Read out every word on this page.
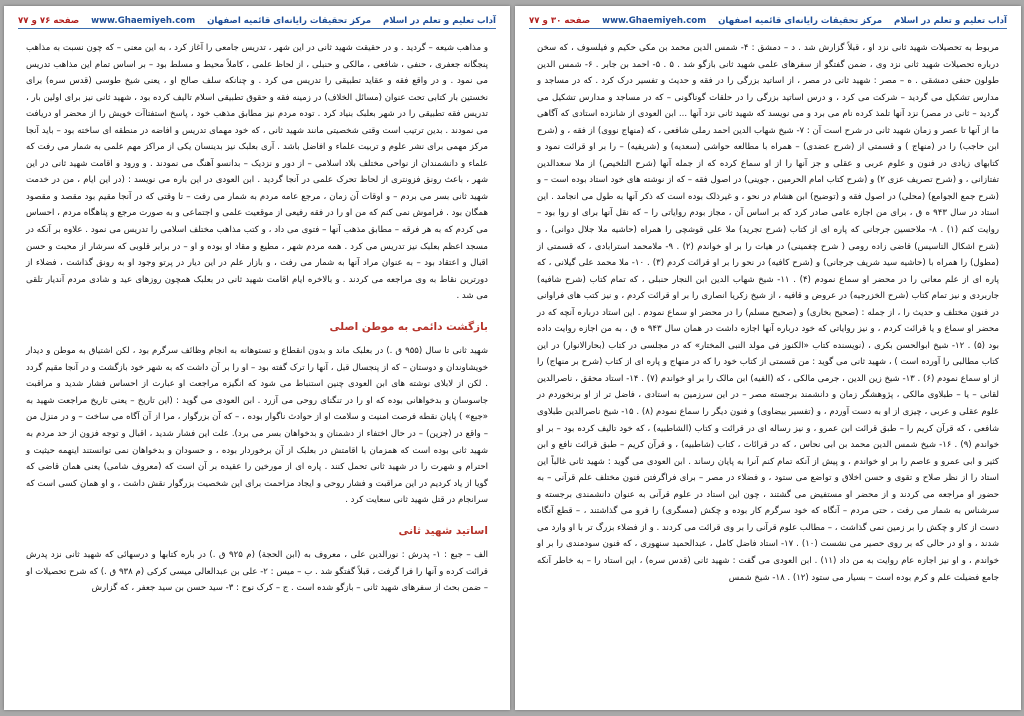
صفحه ۷۶ و ۷۷ www.Ghaemiyeh.com مرکز تحقیقات رایانه‌ای قائمیه اصفهان آداب تعلیم و تعلم در اسلام

و مذاهب شیعه – گردید . و در حقیقت شهید ثانی در این شهر ، تدریس جامعی را آغاز کرد ، به این معنی – که چون نسبت به مذاهب پنجگانه جعفری ، حنفی ، شافعی ، مالکی و حنبلی ، از لحاظ علمی ، کاملاً محیط و مسلط بود – بر اساس تمام این مذاهب تدریس می نمود . و در واقع فقه و عقاید تطبیقی را تدریس می کرد . و چنانکه سلف صالح او ، یعنی شیخ طوسی (قدس سره) برای نخستین بار کتابی تحت عنوان (مسائل الخلاف) در زمینه فقه و حقوق تطبیقی اسلام تالیف کرده بود ، شهید ثانی نیز برای اولین بار ، تدریس فقه تطبیقی را در شهر بعلبک بنیاد کرد . توده مردم نیز مطابق مذهب خود ، پاسخ استفتاآت خویش را از محضر او دریافت می نمودند . بدین ترتیب است وقتی شخصیتی مانند شهید ثانی ، که خود مهمای تدریس و افاضه در منطقه ای ساخته بود – باید آنجا مرکز مهمی برای نشر علوم و تربیت علماء و افاضل باشد . آری بعلبک نیز بدینسان یکی از مراکز مهم علمی به شمار می رفت که علماء و دانشمندان از نواحی مختلف بلاد اسلامی – از دور و نزدیک – بدانسو آهنگ می نمودند . و ورود و اقامت شهید ثانی در این شهر ، باعث رونق فزونتری از لحاظ تحرک علمی در آنجا گردید . ابن العودی در این باره می نویسد : (در این ایام ، من در خدمت شهید ثانی بسر می بردم – و اوقات آن زمان ، مرجع عامه مردم به شمار می رفت – تا وقتی که در آنجا مقیم بود مقصد و مقصود همگان بود . فراموش نمی کنم که من او را در فقه رفیعی از موقعیت علمی و اجتماعی و به صورت مرجع و پناهگاه مردم ، احساس می کردم که به هر فرقه – مطابق مذهب آنها – فتوی می داد ، و کتب مذاهب مختلف اسلامی را تدریس می نمود . علاوه بر آنکه در مسجد اعظم بعلبک نیز تدریس می کرد . همه مردم شهر ، مطیع و مقاد او بوده و او – در برابر قلوبی که سرشار از محبت و حسن اقبال و اعتقاد بود – به عنوان مراد آنها به شمار می رفت ، و بازار علم در این دیار در پرتو وجود او به رونق گذاشت ، فضلاء از دورترین نقاط به وی مراجعه می کردند . و بالاخره ایام اقامت شهید ثانی در بعلبک همچون روزهای عید و شادی مردم آندیار تلقی می شد .

بازگشت دائمی به موطن اصلی

شهید ثانی تا سال (۹۵۵ ق .) در بعلبک ماند و بدون انقطاع و تستوهانه به انجام وظائف سرگرم بود ، لکن اشتیاق به موطن و دیدار خویشاوندان و دوستان – که از پنجسال قبل ، آنها را ترک گفته بود – او را بر آن داشت که به شهر خود بازگشت و در آنجا مقیم گردد . لکن از لابلای نوشته های ابن العودی چنین استنباط می شود که انگیزه مراجعت او عبارت از احساس فشار شدید و مراقبت جاسوسان و بدخواهانی بوده که او را در تنگنای روحی می آزرد . ابن العودی می گوید : (این تاریخ – یعنی تاریخ مراجعت شهید به «جبع» ) پایان نقطه فرصت امنیت و سلامت او از حوادث ناگوار بوده ، – که آن بزرگوار ، مرا از آن آگاه می ساخت – و در منزل من – واقع در (جزین) – در حال اختفاء از دشمنان و بدخواهان بسر می برد). علت این فشار شدید ، اقبال و توجه فزون از حد مردم به شهید ثانی بوده است که همزمان با اقامتش در بعلبک از آن برخوردار بوده ، و حسودان و بدخواهان نمی توانستند اینهمه حیثیت و احترام و شهرت را در شهید ثانی تحمل کنند . پاره ای از مورخین را عقیده بر آن است که (معروف شامی) یعنی همان قاضی که گویا از یاد کردیم در این مراقبت و فشار روحی و ایجاد مزاحمت برای این شخصیت بزرگوار نقش داشت ، و او همان کسی است که سرانجام در قتل شهید ثانی سعایت کرد .

اساتید شهید ثانی

الف – جبع : ۱- پدرش : نورالدین علی ، معروف به (ابن الحجة) (م ۹۲۵ ق .) در باره کتابها و درسهائی که شهید ثانی نزد پدرش قرائت کرده و آنها را فرا گرفت ، قبلاً گفتگو شد . ب – میس : ۲- علی بن عبدالعالی میسی کرکی (م ۹۳۸ ق .) که شرح تحصیلات او – ضمن بحث از سفرهای شهید ثانی – بازگو شده است . ج – کرک نوح : ۳- سید حسن بن سید جعفر ، که گزارش

صفحه ۳۰ و ۷۷ www.Ghaemiyeh.com مرکز تحقیقات رایانه‌ای قائمیه اصفهان آداب تعلیم و تعلم در اسلام

مربوط به تحصیلات شهید ثانی نزد او ، قبلاً گزارش شد . د – دمشق : ۴- شمس الدین محمد بن مکی حکیم و فیلسوف ، که سخن درباره تحصیلات شهید ثانی نزد وی ، ضمن گفتگو از سفرهای علمی شهید ثانی بازگو شد . ۵ . ۵- احمد بن جابر . ۶- شمس الدین طولون حنفی دمشقی . ه – مصر : شهید ثانی در مصر ، از اساتید بزرگی را در فقه و حدیث و تفسیر درک کرد . که در مساجد و مدارس تشکیل می گردید – شرکت می کرد ، و درس اساتید بزرگی را در حلقات گوناگونی – که در مساجد و مدارس تشکیل می گردید – ثانی در مصر) نزد آنها تلمذ کرده نام می برد و می نویسد که شهید ثانی نزد آنها ... ابن العودی از شانزده استادی که آگاهی ما از آنها تا عصر و زمان شهید ثانی در شرح است آن : ۷- شیخ شهاب الدین احمد رملی شافعی ، که (منهاج نووی) از فقه ، و (شرح ابن حاجب) را در (منهاج ) و قسمتی از (شرح عضدی) – همراه با مطالعه حواشی (سعدیه) و (شریفیه) – را بر او قرائت نمود و کتابهای زیادی در فنون و علوم عربی و عقلی و جز آنها را از او سماع کرده که از جمله آنها (شرح التلخیص) از ملا سعدالدین تفتازانی ، و (شرح تصریف عزی ۲) و (شرح کتاب امام الحرمین ، جوینی) در اصول فقه – که از نوشته های خود استاد بوده است – و (شرح جمع الجوامع) (محلی) در اصول فقه و (توضیح) ابن هشام در نحو ، و غیرذلک بوده است که ذکر آنها به طول می انجامد . این استاد در سال ۹۴۳ ه ق ، برای من اجازه عامی صادر کرد که بر اساس آن ، مجاز بودم روایاتی را – که نقل آنها برای او روا بود – روایت کنم (۱) . ۸- ملاحسین جرجانی که پاره ای از کتاب (شرح تجرید) ملا علی قوشچی را همراه (حاشیه ملا جلال دوانی) ، و (شرح اشکال التاسیس) قاضی زاده رومی ( شرح چغمینی) در هیات را بر او خواندم (۲) . ۹- ملامحمد استرابادی ، که قسمتی از (مطول) را همراه با (حاشیه سید شریف جرجانی) و (شرح کافیه) در نحو را بر او قرائت کردم (۳) . ۱۰- ملا محمد علی گیلانی ، که پاره ای از علم معانی را در محضر او سماع نمودم (۴) . ۱۱- شیخ شهاب الدین ابن النجار حنبلی ، که تمام کتاب (شرح شافیه) جاربردی و نیز تمام کتاب (شرح الخزرجیه) در عروض و قافیه ، از شیخ زکریا انصاری را بر او قرائت کردم ، و نیز کتب های فراوانی در فنون مختلف و حدیث را ، از جمله : (صحیح بخاری) و (صحیح مسلم) را در محضر او سماع نمودم . این استاد درباره آنچه که در محضر او سماع و یا قرائت کردم ، و نیز روایاتی که خود درباره آنها اجازه داشت در همان سال ۹۴۳ ه ق ، به من اجازه روایت داده بود (۵) . ۱۲- شیخ ابوالحسن بکری ، (نویسنده کتاب «الکنوز فی مولد النبی المختار» که در مجلسی در کتاب (بحارالانوار) در این کتاب مطالبی را آورده است ) ، شهید ثانی می گوید : من قسمتی از کتاب خود را که در منهاج و پاره ای از کتاب (شرح بر منهاج) را از او سماع نمودم (۶) . ۱۳- شیخ زین الدین ، جرمی مالکی ، که (الفیه) ابن مالک را بر او خواندم (۷) . ۱۴- استاد محقق ، ناصرالدین لقانی – یا – طبلاوی مالکی ، پژوهشگر زمان و دانشمند برجسته مصر – در این سرزمین به استادی ، فاضل تر از او برنخوردم در علوم عقلی و عربی ، چیزی از او به دست آوردم ، و (تفسیر بیضاوی) و فنون دیگر را سماع نمودم (۸) . ۱۵- شیخ ناصرالدین طبلاوی شافعی ، که قرآن کریم را – طبق قرائت ابن عمرو ، و نیز رساله ای در قرائت و کتاب (الشاطبیه) ، که خود تالیف کرده بود – بر او خواندم (۹) . ۱۶- شیخ شمس الدین محمد بن ابی نحاس ، که در قرائات ، کتاب (شاطبیه) ، و قرآن کریم – طبق قرائت نافع و ابن کثیر و ابی عمرو و عاصم را بر او خواندم ، و پیش از آنکه تمام کنم آنرا به پایان رساند . ابن العودی می گوید : شهید ثانی غالباً این استاد را از نظر صلاح و تقوی و حسن اخلاق و تواضع می ستود ، و فضلاء در مصر – برای فراگرفتن فنون مختلف علم قرآنی – به حضور او مراجعه می کردند و از محضر او مستفیض می گشتند ، چون این استاد در علوم قرآنی به عنوان دانشمندی برجسته و سرشناس به شمار می رفت ، حتی مردم – آنگاه که خود سرگرم کار بوده و چکش (مسگری) را فرو می گذاشتند ، – قطع آنگاه دست از کار و چکش را بر زمین نمی گذاشت ، – مطالب علوم قرآنی را بر وی قرائت می کردند . و از فضلاء بزرگ تر با او وارد می شدند ، و او در حالی که بر روی حصیر می نشست (۱۰) . ۱۷- استاد فاضل کامل ، عبدالحمید سنهوری ، که فنون سودمندی را بر او خواندم ، و او نیز اجازه عام روایت به من داد (۱۱) . ابن العودی می گفت : شهید ثانی (قدس سره) ، این استاد را – به خاطر آنکه جامع فضیلت علم و کرم بوده است – بسیار می ستود (۱۲) . ۱۸- شیخ شمس
